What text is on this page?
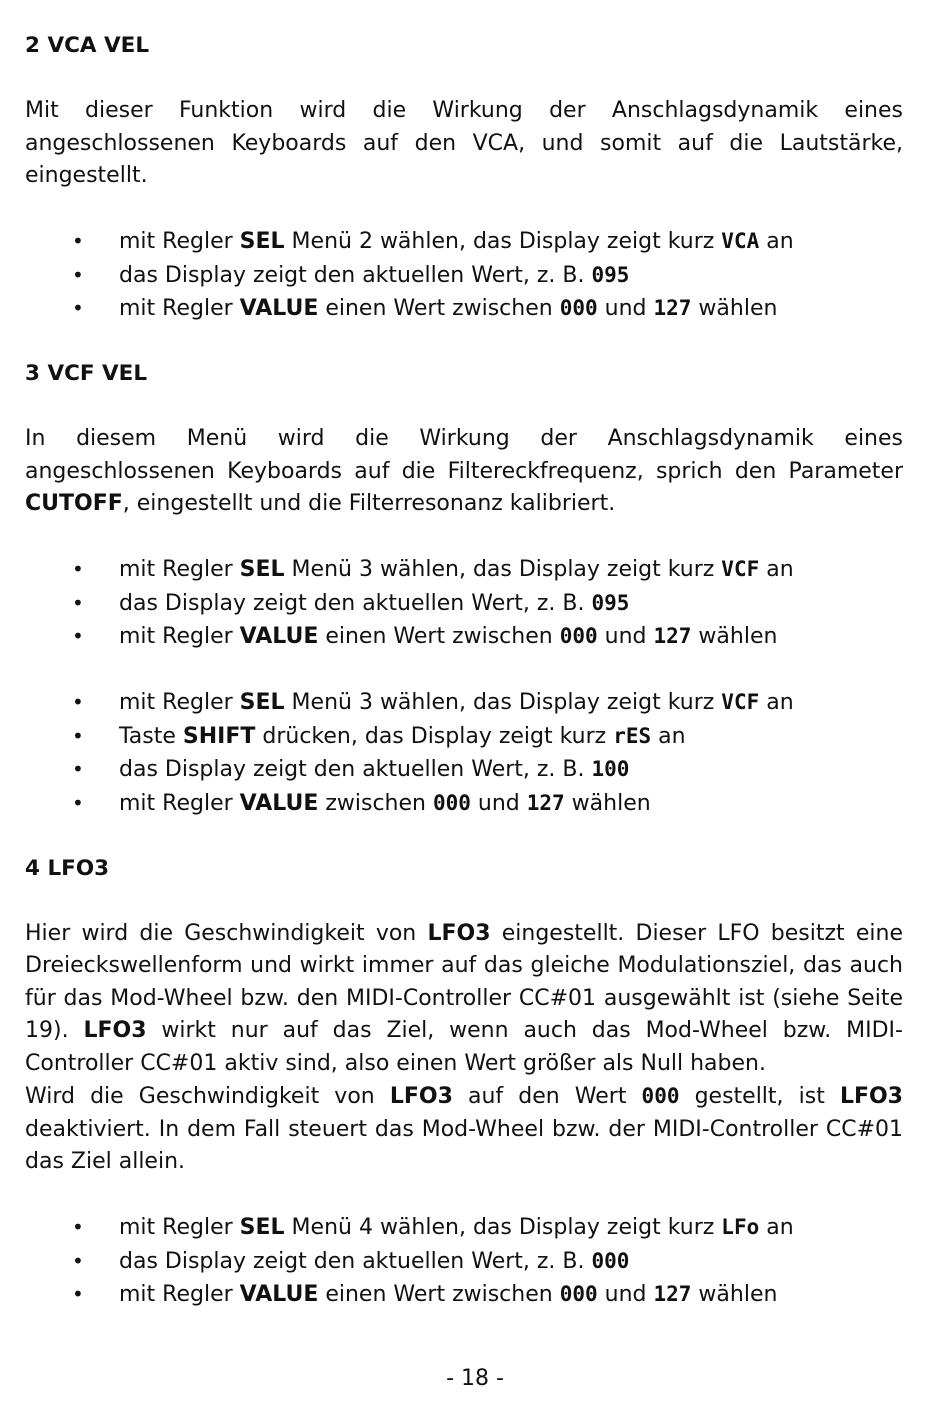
2 VCA VEL

Mit dieser Funktion wird die Wirkung der Anschlagsdynamik eines angeschlossenen Keyboards auf den VCA, und somit auf die Lautstärke, eingestellt.

• mit Regler SEL Menü 2 wählen, das Display zeigt kurz VCA an
• das Display zeigt den aktuellen Wert, z. B. 095
• mit Regler VALUE einen Wert zwischen 000 und 127 wählen
3 VCF VEL

In diesem Menü wird die Wirkung der Anschlagsdynamik eines angeschlossenen Keyboards auf die Filtereckfrequenz, sprich den Parameter CUTOFF, eingestellt und die Filterresonanz kalibriert.

• mit Regler SEL Menü 3 wählen, das Display zeigt kurz VCF an
• das Display zeigt den aktuellen Wert, z. B. 095
• mit Regler VALUE einen Wert zwischen 000 und 127 wählen
• mit Regler SEL Menü 3 wählen, das Display zeigt kurz VCF an
• Taste SHIFT drücken, das Display zeigt kurz rES an
• das Display zeigt den aktuellen Wert, z. B. 100
• mit Regler VALUE zwischen 000 und 127 wählen
4 LFO3

Hier wird die Geschwindigkeit von LFO3 eingestellt. Dieser LFO besitzt eine Dreieckswellenform und wirkt immer auf das gleiche Modulationsziel, das auch für das Mod-Wheel bzw. den MIDI-Controller CC#01 ausgewählt ist (siehe Seite 19). LFO3 wirkt nur auf das Ziel, wenn auch das Mod-Wheel bzw. MIDI-Controller CC#01 aktiv sind, also einen Wert größer als Null haben.

Wird die Geschwindigkeit von LFO3 auf den Wert 000 gestellt, ist LFO3 deaktiviert. In dem Fall steuert das Mod-Wheel bzw. der MIDI-Controller CC#01 das Ziel allein.

• mit Regler SEL Menü 4 wählen, das Display zeigt kurz LFo an
• das Display zeigt den aktuellen Wert, z. B. 000
• mit Regler VALUE einen Wert zwischen 000 und 127 wählen
- 18 -
